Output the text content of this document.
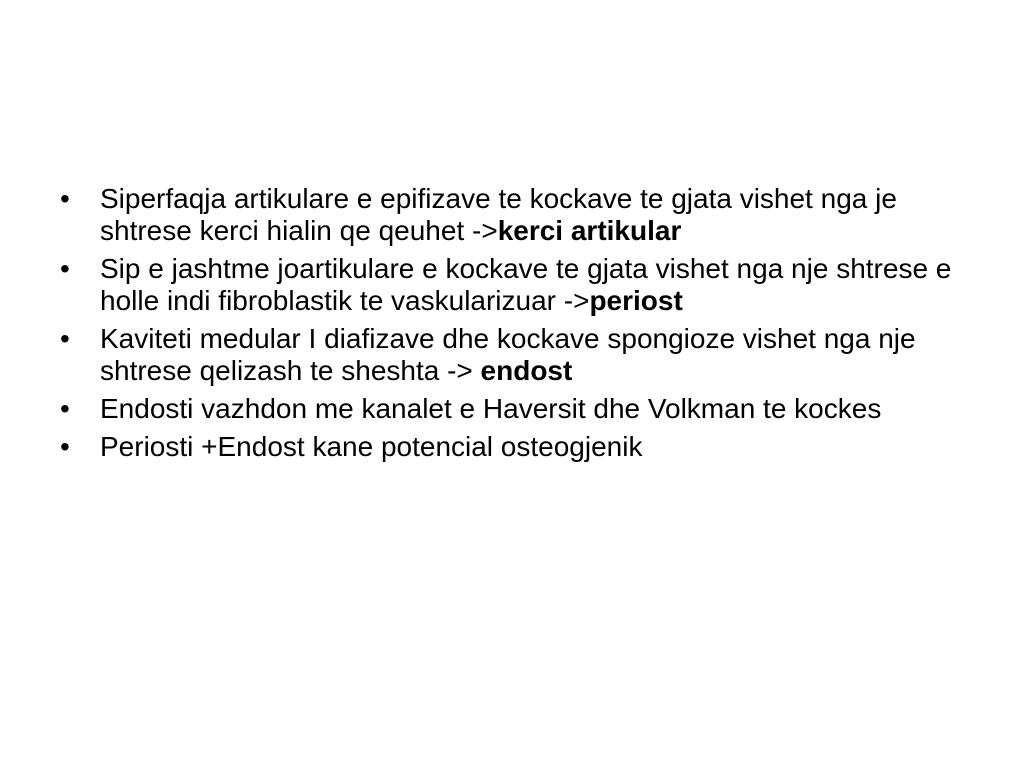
•	Siperfaqja artikulare e epifizave te kockave te gjata vishet nga je shtrese kerci hialin qe qeuhet ->kerci artikular
•	Sip e jashtme joartikulare e kockave te gjata vishet nga nje shtrese e holle indi fibroblastik te vaskularizuar ->periost
•	Kaviteti medular I diafizave dhe kockave spongioze vishet nga nje shtrese qelizash te sheshta -> endost
•	Endosti vazhdon me kanalet e Haversit dhe Volkman te kockes
•	Periosti +Endost kane potencial osteogjenik
